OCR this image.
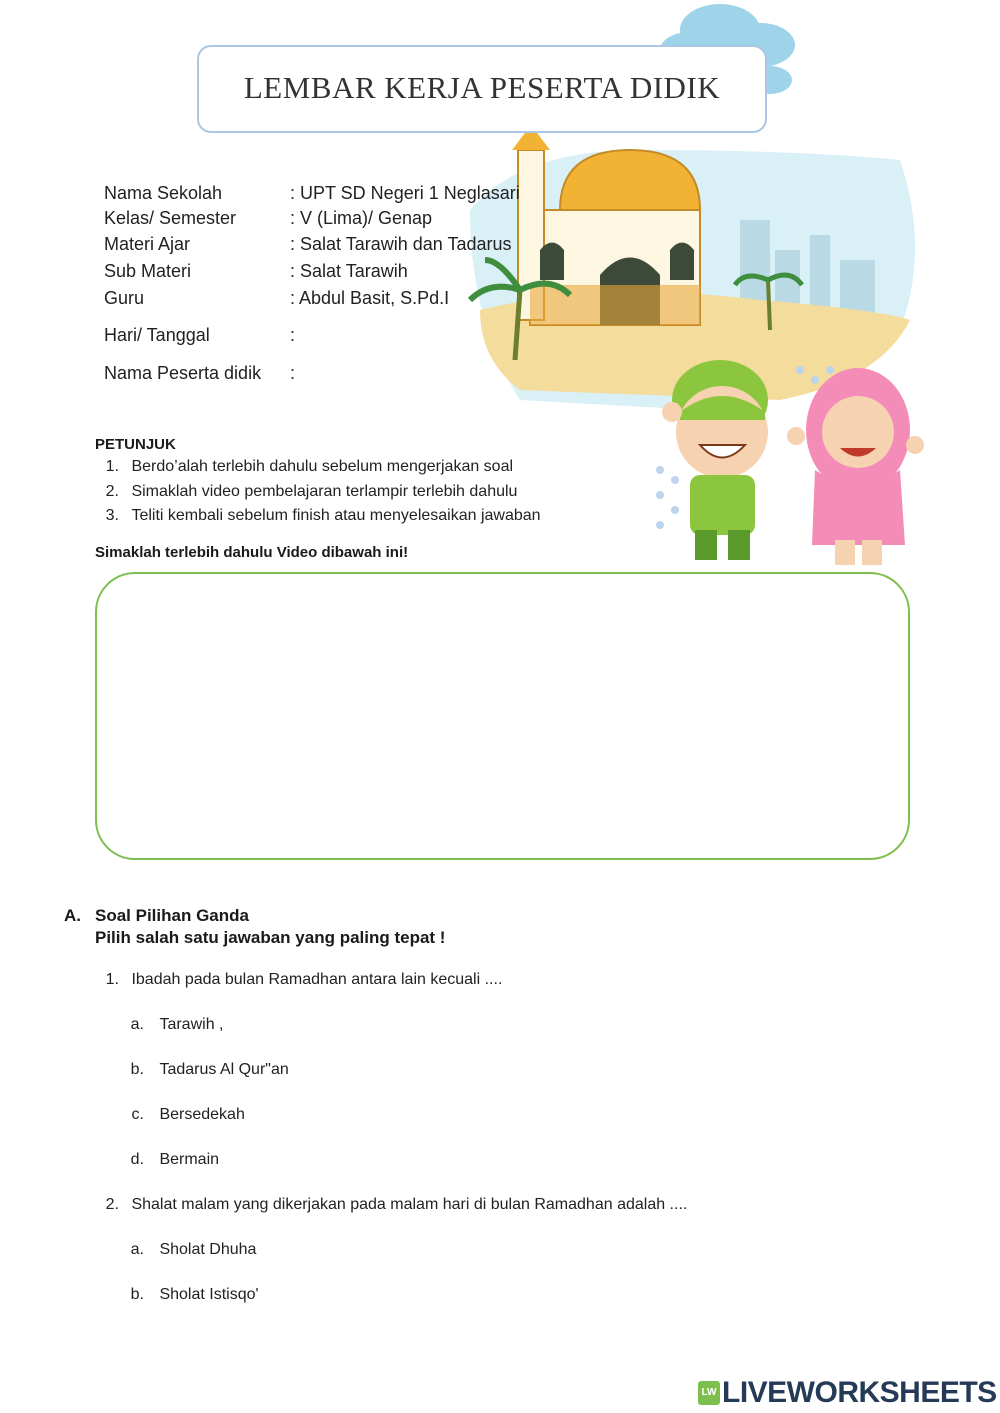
LEMBAR KERJA PESERTA DIDIK
Nama Sekolah	: UPT SD Negeri 1 Neglasari
Kelas/ Semester	: V (Lima)/ Genap
Materi Ajar	: Salat Tarawih dan Tadarus
Sub Materi	: Salat Tarawih
Guru	: Abdul Basit, S.Pd.I
Hari/ Tanggal	:
Nama Peserta didik :
PETUNJUK
1. Berdo’alah terlebih dahulu sebelum mengerjakan soal
2. Simaklah video pembelajaran terlampir terlebih dahulu
3. Teliti kembali sebelum finish atau menyelesaikan jawaban
Simaklah terlebih dahulu Video dibawah ini!
A. Soal Pilihan Ganda
Pilih salah satu jawaban yang paling tepat !
1. Ibadah pada bulan Ramadhan antara lain kecuali ....
a. Tarawih ,
b. Tadarus Al Qur"an
c. Bersedekah
d. Bermain
2. Shalat malam yang dikerjakan pada malam hari di bulan Ramadhan adalah ....
a. Sholat Dhuha
b. Sholat Istisqo'
LW LIVEWORKSHEETS
